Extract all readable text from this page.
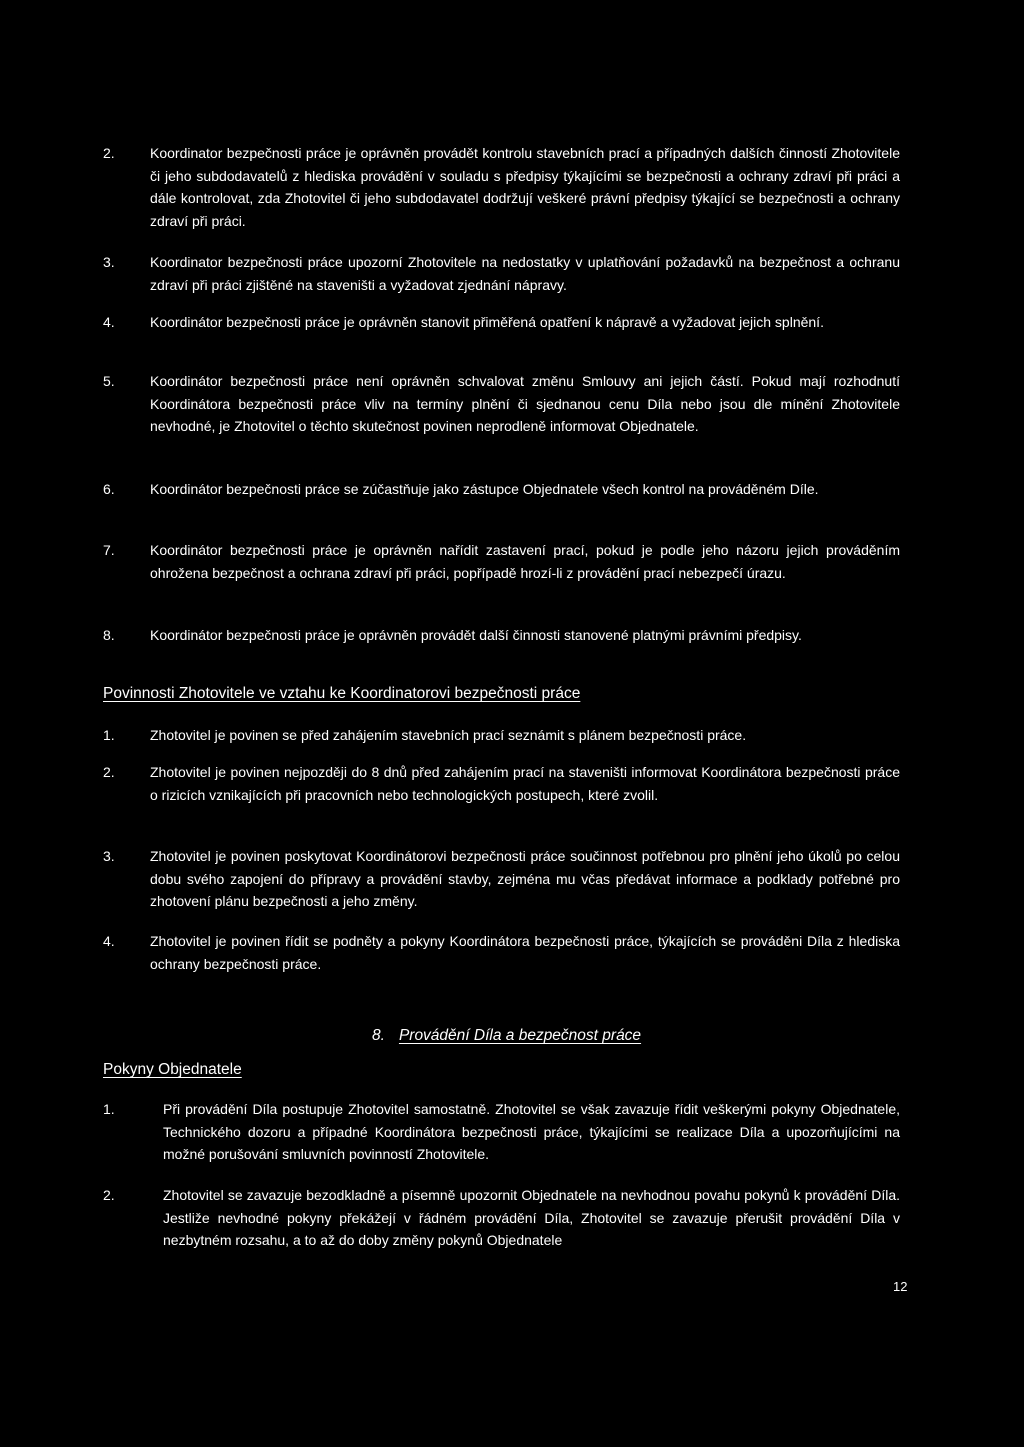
2.	Koordinator bezpečnosti práce je oprávněn provádět kontrolu stavebních prací a případných dalších činností Zhotovitele či jeho subdodavatelů z hlediska provádění v souladu s předpisy týkajícími se bezpečnosti a ochrany zdraví při práci a dále kontrolovat, zda Zhotovitel či jeho subdodavatel dodržují veškeré právní předpisy týkající se bezpečnosti a ochrany zdraví při práci.
3.	Koordinator bezpečnosti práce upozorní Zhotovitele na nedostatky v uplatňování požadavků na bezpečnost a ochranu zdraví při práci zjištěné na staveništi a vyžadovat zjednání nápravy.
4.	Koordinátor bezpečnosti práce je oprávněn stanovit přiměřená opatření k nápravě a vyžadovat jejich splnění.
5.	Koordinátor bezpečnosti práce není oprávněn schvalovat změnu Smlouvy ani jejich částí. Pokud mají rozhodnutí Koordinátora bezpečnosti práce vliv na termíny plnění či sjednanou cenu Díla nebo jsou dle mínění Zhotovitele nevhodné, je Zhotovitel o těchto skutečnost povinen neprodleně informovat Objednatele.
6.	Koordinátor bezpečnosti práce se zúčastňuje jako zástupce Objednatele všech kontrol na prováděném Díle.
7.	Koordinátor bezpečnosti práce je oprávněn nařídit zastavení prací, pokud je podle jeho názoru jejich prováděním ohrožena bezpečnost a ochrana zdraví při práci, popřípadě hrozí-li z provádění prací nebezpečí úrazu.
8.	Koordinátor bezpečnosti práce je oprávněn provádět další činnosti stanovené platnými právními předpisy.
Povinnosti Zhotovitele ve vztahu ke Koordinatorovi bezpečnosti práce
1.	Zhotovitel je povinen se před zahájením stavebních prací seznámit s plánem bezpečnosti práce.
2.	Zhotovitel je povinen nejpozději do 8 dnů před zahájením prací na staveništi informovat Koordinátora bezpečnosti práce o rizicích vznikajících při pracovních nebo technologických postupech, které zvolil.
3.	Zhotovitel je povinen poskytovat Koordinátorovi bezpečnosti práce součinnost potřebnou pro plnění jeho úkolů po celou dobu svého zapojení do přípravy a provádění stavby, zejména mu včas předávat informace a podklady potřebné pro zhotovení plánu bezpečnosti a jeho změny.
4.	Zhotovitel je povinen řídit se podněty a pokyny Koordinátora bezpečnosti práce, týkajících se prováděni Díla z hlediska ochrany bezpečnosti práce.
8. Provádění Díla a bezpečnost práce
Pokyny Objednatele
1.	Při provádění Díla postupuje Zhotovitel samostatně. Zhotovitel se však zavazuje řídit veškerými pokyny Objednatele, Technického dozoru a případné Koordinátora bezpečnosti práce, týkajícími se realizace Díla a upozorňujícími na možné porušování smluvních povinností Zhotovitele.
2.	Zhotovitel se zavazuje bezodkladně a písemně upozornit Objednatele na nevhodnou povahu pokynů k provádění Díla. Jestliže nevhodné pokyny překážejí v řádném provádění Díla, Zhotovitel se zavazuje přerušit provádění Díla v nezbytném rozsahu, a to až do doby změny pokynů Objednatele
12
